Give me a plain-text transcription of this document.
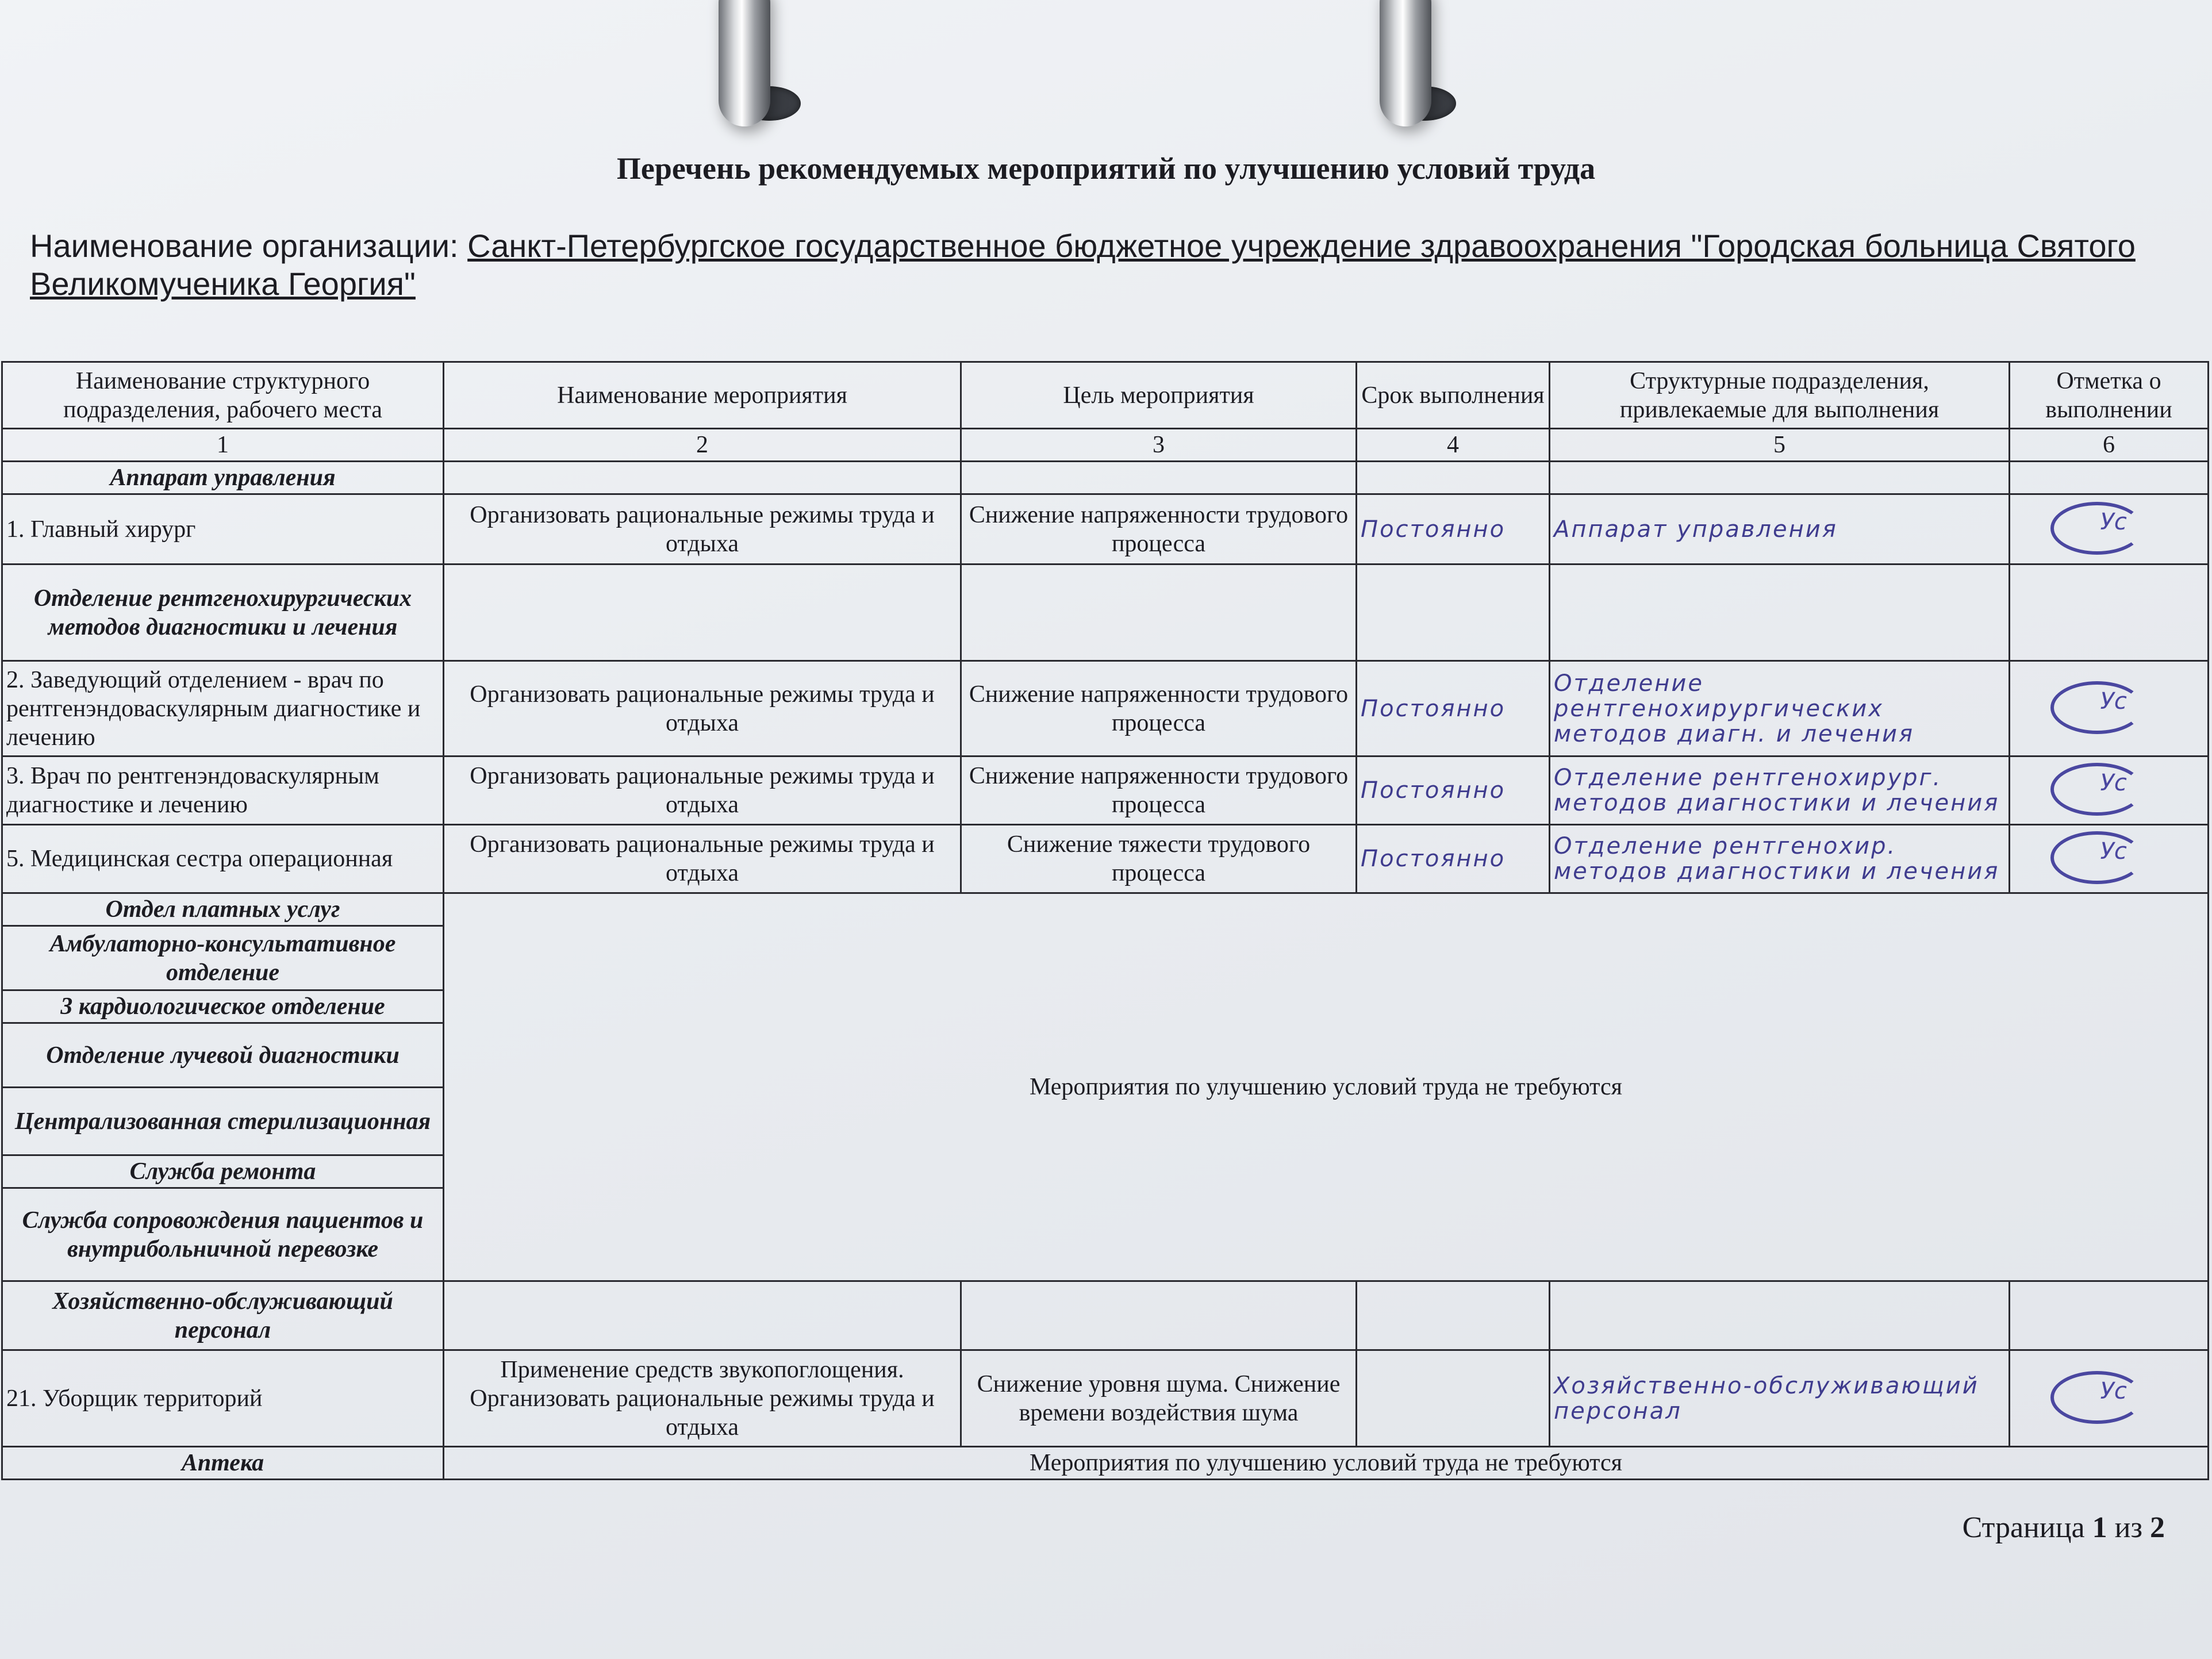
Перечень рекомендуемых мероприятий по улучшению условий труда
Наименование организации: Санкт-Петербургское государственное бюджетное учреждение здравоохранения "Городская больница Святого Великомученика Георгия"
Наименование структурного подразделения, рабочего места	Наименование мероприятия	Цель мероприятия	Срок выполнения	Структурные подразделения, привлекаемые для выполнения	Отметка о выполнении
1	2	3	4	5	6
Аппарат управления					
1. Главный хирург	Организовать рациональные режимы труда и отдыха	Снижение напряженности трудового процесса	Постоянно	Аппарат управления	Ус

Отделение рентгенохирургических методов диагностики и лечения					
2. Заведующий отделением - врач по рентгенэндоваскулярным диагностике и лечению	Организовать рациональные режимы труда и отдыха	Снижение напряженности трудового процесса	Постоянно	Отделение рентгенохирургических методов диагн. и лечения	Ус

3. Врач по рентгенэндоваскулярным диагностике и лечению	Организовать рациональные режимы труда и отдыха	Снижение напряженности трудового процесса	Постоянно	Отделение рентгенохирург. методов диагностики и лечения	Ус

5. Медицинская сестра операционная	Организовать рациональные режимы труда и отдыха	Снижение тяжести трудового процесса	Постоянно	Отделение рентгенохир. методов диагностики и лечения	Ус

Отдел платных услуг	Мероприятия по улучшению условий труда не требуются				
Амбулаторно-консультативное отделение					
3 кардиологическое отделение					
Отделение лучевой диагностики					
Централизованная стерилизационная					
Служба ремонта					
Служба сопровождения пациентов и внутрибольничной перевозке					

Хозяйственно-обслуживающий персонал					
21. Уборщик территорий	Применение средств звукопоглощения. Организовать рациональные режимы труда и отдыха	Снижение уровня шума. Снижение времени воздействия шума		Хозяйственно-обслуживающий персонал	Ус

Аптека	Мероприятия по улучшению условий труда не требуются				
Страница 1 из 2
